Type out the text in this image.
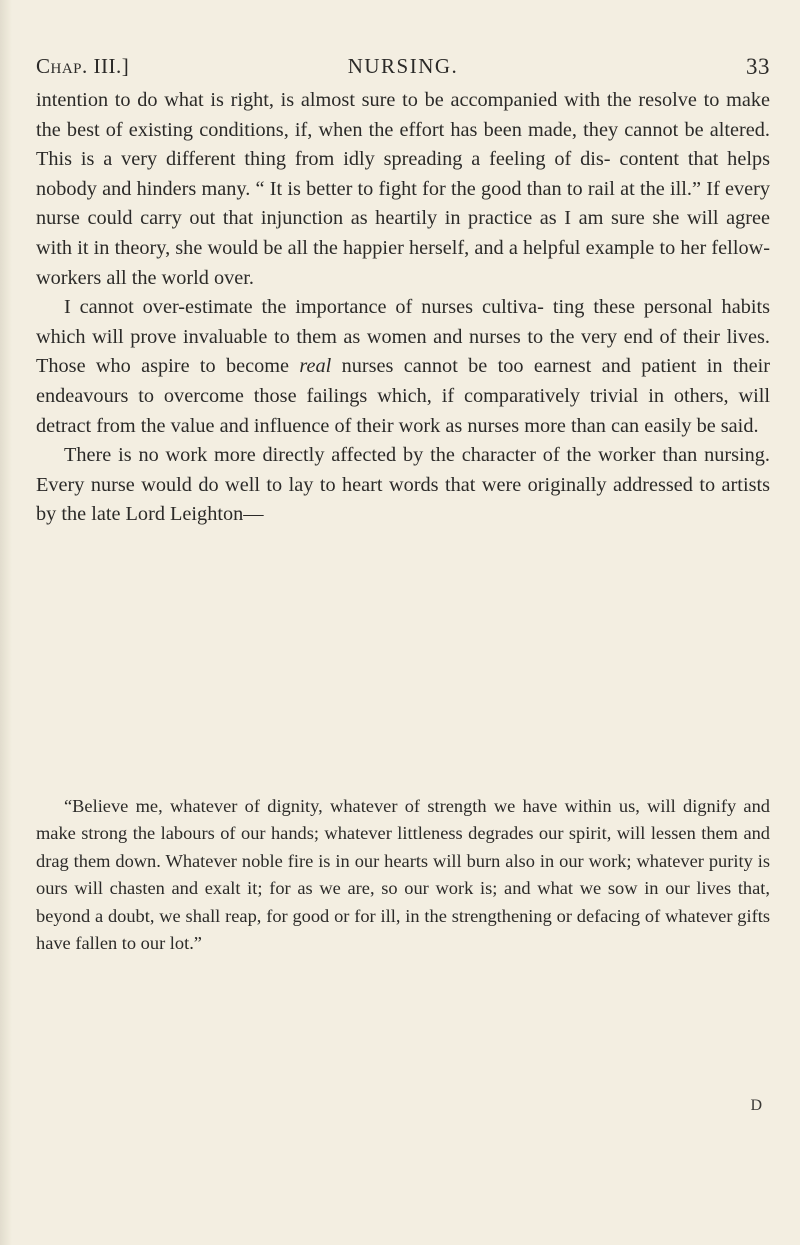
Chap. III.]	NURSING.	33

intention to do what is right, is almost sure to be accompanied with the resolve to make the best of existing conditions, if, when the effort has been made, they cannot be altered. This is a very different thing from idly spreading a feeling of dis- content that helps nobody and hinders many. “ It is better to fight for the good than to rail at the ill.” If every nurse could carry out that injunction as heartily in practice as I am sure she will agree with it in theory, she would be all the happier herself, and a helpful example to her fellow-workers all the world over.

I cannot over-estimate the importance of nurses cultiva- ting these personal habits which will prove invaluable to them as women and nurses to the very end of their lives. Those who aspire to become real nurses cannot be too earnest and patient in their endeavours to overcome those failings which, if comparatively trivial in others, will detract from the value and influence of their work as nurses more than can easily be said.

There is no work more directly affected by the character of the worker than nursing. Every nurse would do well to lay to heart words that were originally addressed to artists by the late Lord Leighton—

“Believe me, whatever of dignity, whatever of strength we have within us, will dignify and make strong the labours of our hands; whatever littleness degrades our spirit, will lessen them and drag them down. Whatever noble fire is in our hearts will burn also in our work; whatever purity is ours will chasten and exalt it; for as we are, so our work is; and what we sow in our lives that, beyond a doubt, we shall reap, for good or for ill, in the strengthening or defacing of whatever gifts have fallen to our lot.”

D
